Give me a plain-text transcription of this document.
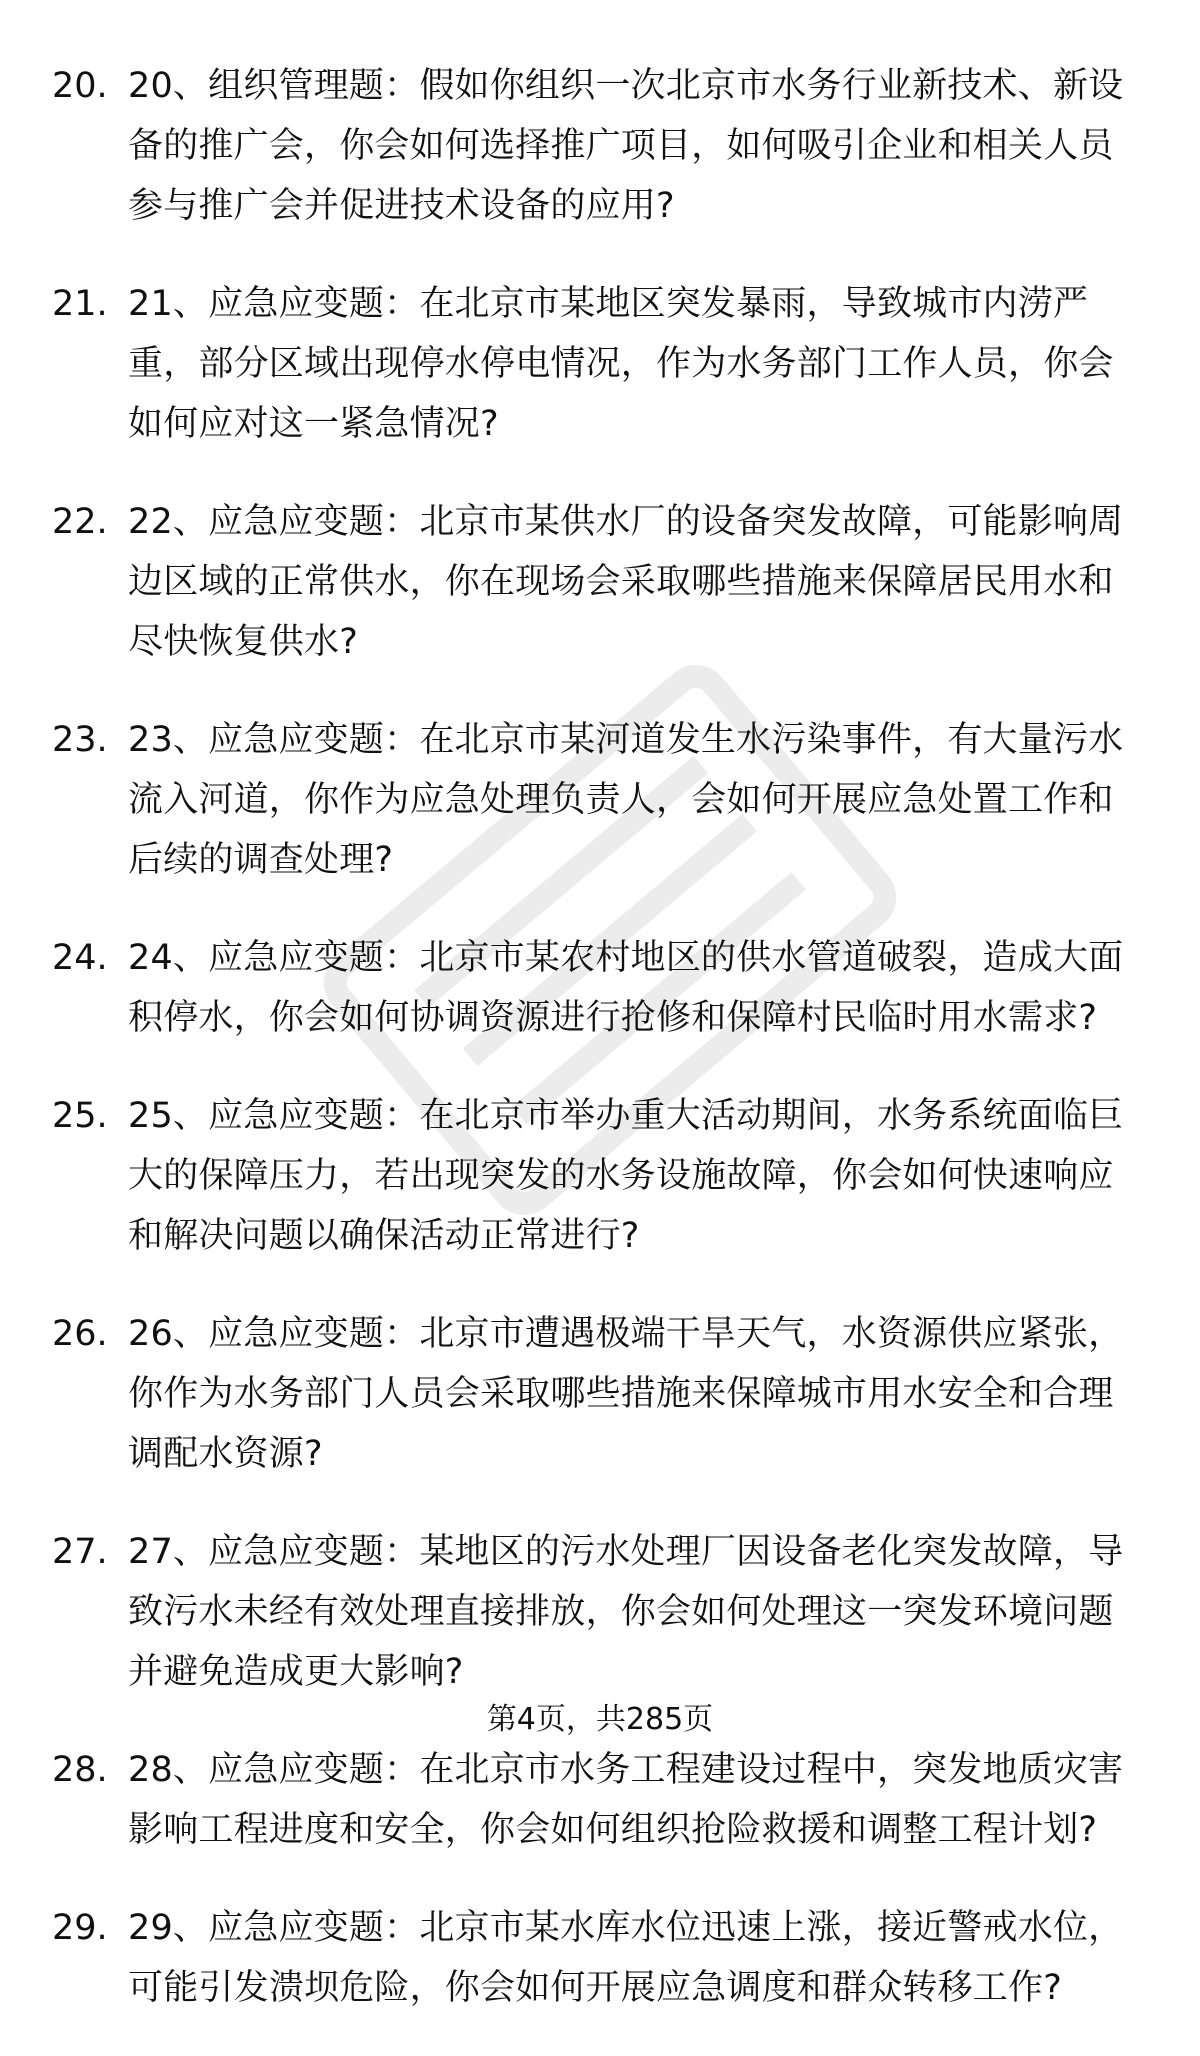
20. 20、组织管理题：假如你组织一次北京市水务行业新技术、新设备的推广会，你会如何选择推广项目，如何吸引企业和相关人员参与推广会并促进技术设备的应用?
21. 21、应急应变题：在北京市某地区突发暴雨，导致城市内涝严重，部分区域出现停水停电情况，作为水务部门工作人员，你会如何应对这一紧急情况?
22. 22、应急应变题：北京市某供水厂的设备突发故障，可能影响周边区域的正常供水，你在现场会采取哪些措施来保障居民用水和尽快恢复供水?
23. 23、应急应变题：在北京市某河道发生水污染事件，有大量污水流入河道，你作为应急处理负责人，会如何开展应急处置工作和后续的调查处理?
24. 24、应急应变题：北京市某农村地区的供水管道破裂，造成大面积停水，你会如何协调资源进行抢修和保障村民临时用水需求?
25. 25、应急应变题：在北京市举办重大活动期间，水务系统面临巨大的保障压力，若出现突发的水务设施故障，你会如何快速响应和解决问题以确保活动正常进行?
26. 26、应急应变题：北京市遭遇极端干旱天气，水资源供应紧张，你作为水务部门人员会采取哪些措施来保障城市用水安全和合理调配水资源?
27. 27、应急应变题：某地区的污水处理厂因设备老化突发故障，导致污水未经有效处理直接排放，你会如何处理这一突发环境问题并避免造成更大影响?
28. 28、应急应变题：在北京市水务工程建设过程中，突发地质灾害影响工程进度和安全，你会如何组织抢险救援和调整工程计划?
29. 29、应急应变题：北京市某水库水位迅速上涨，接近警戒水位，可能引发溃坝危险，你会如何开展应急调度和群众转移工作?
第4页，共285页
